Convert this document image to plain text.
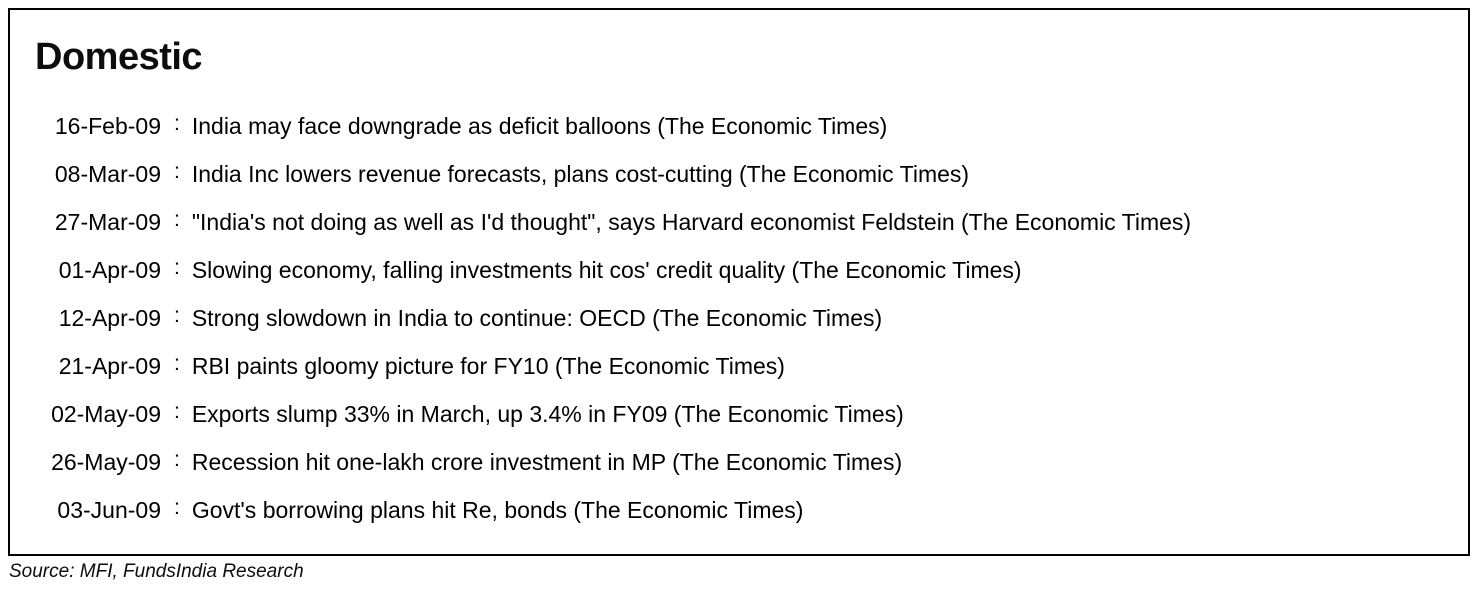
Domestic
16-Feb-09 : India may face downgrade as deficit balloons (The Economic Times)
08-Mar-09 : India Inc lowers revenue forecasts, plans cost-cutting (The Economic Times)
27-Mar-09 : "India's not doing as well as I'd thought", says Harvard economist Feldstein (The Economic Times)
01-Apr-09 : Slowing economy, falling investments hit cos' credit quality (The Economic Times)
12-Apr-09 : Strong slowdown in India to continue: OECD (The Economic Times)
21-Apr-09 : RBI paints gloomy picture for FY10 (The Economic Times)
02-May-09 : Exports slump 33% in March, up 3.4% in FY09 (The Economic Times)
26-May-09 : Recession hit one-lakh crore investment in MP (The Economic Times)
03-Jun-09 : Govt's borrowing plans hit Re, bonds (The Economic Times)
Source: MFI, FundsIndia Research
